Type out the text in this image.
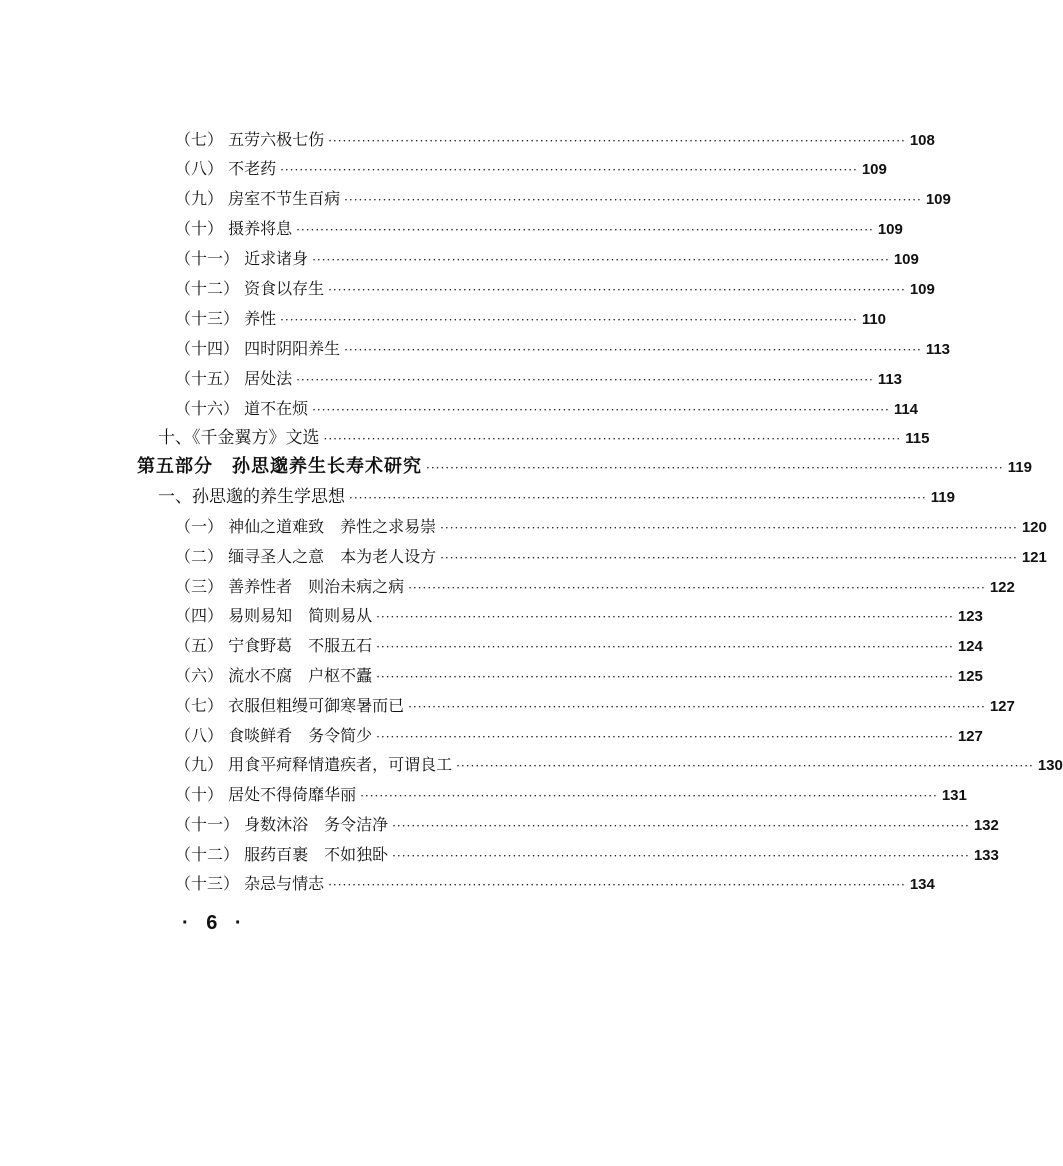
（七） 五劳六极七伤 ························································································································ 108
（八） 不老药 ························································································································ 109
（九） 房室不节生百病 ························································································································ 109
（十） 摄养将息 ························································································································ 109
（十一） 近求诸身 ························································································································ 109
（十二） 资食以存生 ························································································································ 109
（十三） 养性 ························································································································ 110
（十四） 四时阴阳养生 ························································································································ 113
（十五） 居处法 ························································································································ 113
（十六） 道不在烦 ························································································································ 114
十、《千金翼方》文选 ························································································································ 115
第五部分　孙思邈养生长寿术研究 ························································································································ 119
一、孙思邈的养生学思想 ························································································································ 119
（一） 神仙之道难致　养性之求易崇 ························································································································ 120
（二） 缅寻圣人之意　本为老人设方 ························································································································ 121
（三） 善养性者　则治未病之病 ························································································································ 122
（四） 易则易知　简则易从 ························································································································ 123
（五） 宁食野葛　不服五石 ························································································································ 124
（六） 流水不腐　户枢不蠹 ························································································································ 125
（七） 衣服但粗缦可御寒暑而已 ························································································································ 127
（八） 食啖鲜肴　务令简少 ························································································································ 127
（九） 用食平疴释情遣疾者，可谓良工 ························································································································ 130
（十） 居处不得倚靡华丽 ························································································································ 131
（十一） 身数沐浴　务令洁净 ························································································································ 132
（十二） 服药百裹　不如独卧 ························································································································ 133
（十三） 杂忌与情志 ························································································································ 134
· 6 ·
